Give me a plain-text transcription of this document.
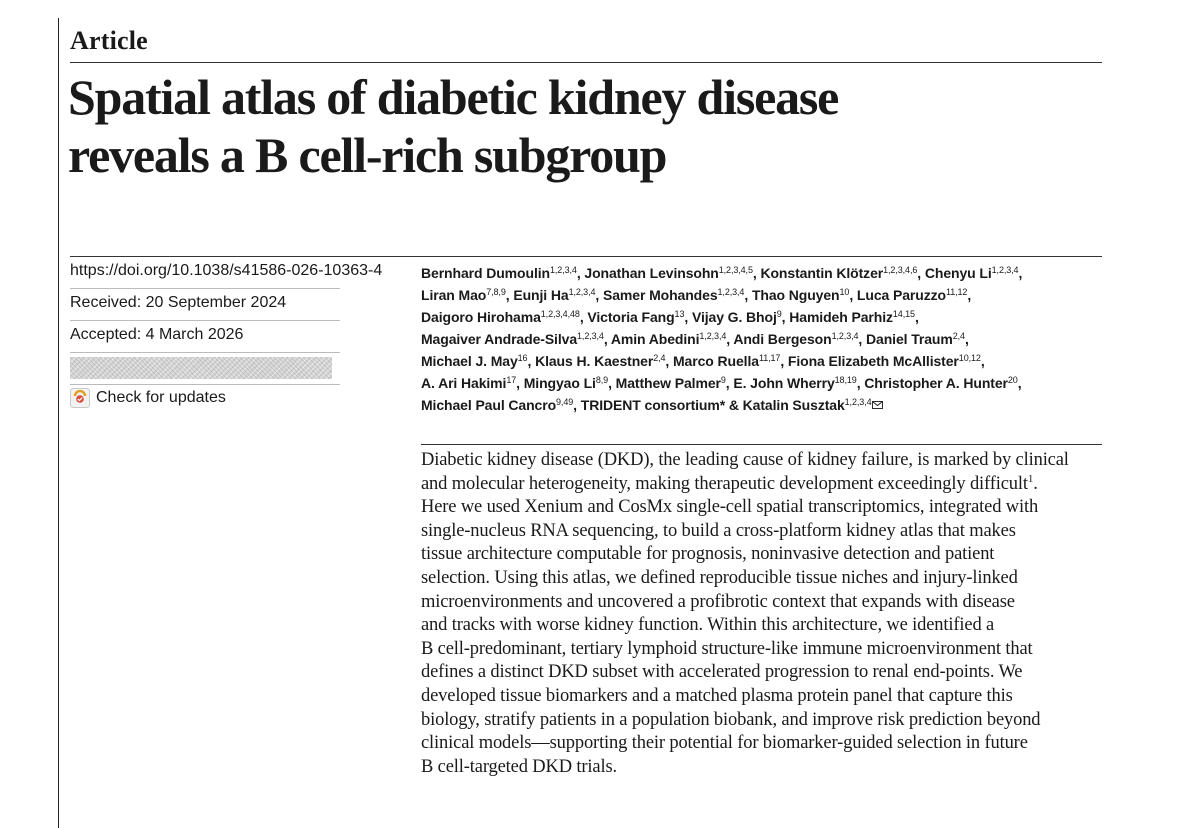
Article
Spatial atlas of diabetic kidney disease
reveals a B cell-rich subgroup
https://doi.org/10.1038/s41586-026-10363-4
Received: 20 September 2024
Accepted: 4 March 2026
Check for updates
Bernhard Dumoulin$^{1,2,3,4}$, Jonathan Levinsohn$^{1,2,3,4,5}$, Konstantin Klötzer$^{1,2,3,4,6}$, Chenyu Li$^{1,2,3,4}$,
Liran Mao$^{7,8,9}$, Eunji Ha$^{1,2,3,4}$, Samer Mohandes$^{1,2,3,4}$, Thao Nguyen$^{10}$, Luca Paruzzo$^{11,12}$,
Daigoro Hirohama$^{1,2,3,4,48}$, Victoria Fang$^{13}$, Vijay G. Bhoj$^9$, Hamideh Parhiz$^{14,15}$,
Magaiver Andrade-Silva$^{1,2,3,4}$, Amin Abedini$^{1,2,3,4}$, Andi Bergeson$^{1,2,3,4}$, Daniel Traum$^{2,4}$,
Michael J. May$^{16}$, Klaus H. Kaestner$^{2,4}$, Marco Ruella$^{11,17}$, Fiona Elizabeth McAllister$^{10,12}$,
A. Ari Hakimi$^{17}$, Mingyao Li$^{8,9}$, Matthew Palmer$^9$, E. John Wherry$^{18,19}$, Christopher A. Hunter$^{20}$,
Michael Paul Cancro$^{9,49}$, TRIDENT consortium* & Katalin Susztak$^{1,2,3,4}$
Diabetic kidney disease (DKD), the leading cause of kidney failure, is marked by clinical
and molecular heterogeneity, making therapeutic development exceedingly difficult$^1$.
Here we used Xenium and CosMx single-cell spatial transcriptomics, integrated with
single-nucleus RNA sequencing, to build a cross-platform kidney atlas that makes
tissue architecture computable for prognosis, noninvasive detection and patient
selection. Using this atlas, we defined reproducible tissue niches and injury-linked
microenvironments and uncovered a profibrotic context that expands with disease
and tracks with worse kidney function. Within this architecture, we identified a
B cell-predominant, tertiary lymphoid structure-like immune microenvironment that
defines a distinct DKD subset with accelerated progression to renal end-points. We
developed tissue biomarkers and a matched plasma protein panel that capture this
biology, stratify patients in a population biobank, and improve risk prediction beyond
clinical models—supporting their potential for biomarker-guided selection in future
B cell-targeted DKD trials.
